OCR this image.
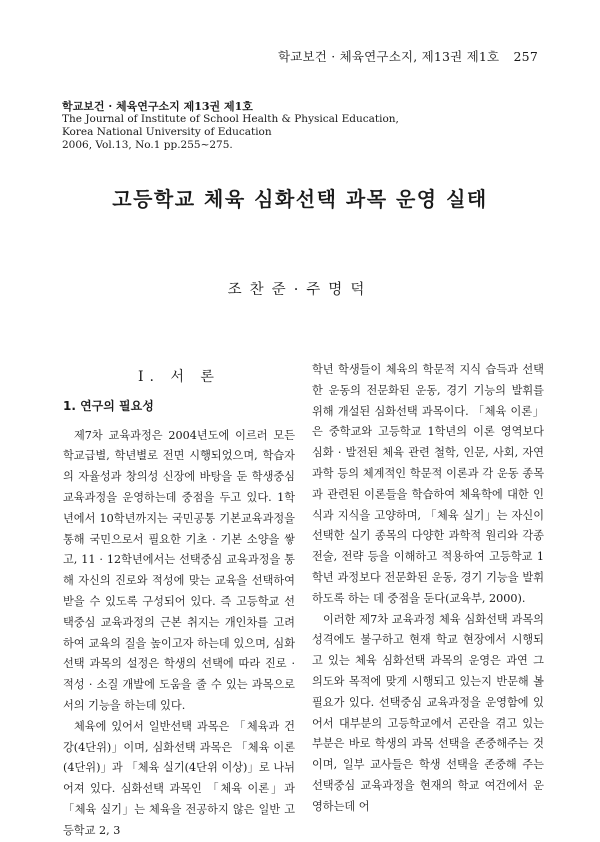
학교보건 · 체육연구소지, 제13권 제1호 257
학교보건 · 체육연구소지 제13권 제1호
The Journal of Institute of School Health & Physical Education,
Korea National University of Education
2006, Vol.13, No.1 pp.255∼275.
고등학교 체육 심화선택 과목 운영 실태
조찬준·주명덕
Ⅰ. 서 론
1. 연구의 필요성

제7차 교육과정은 2004년도에 이르러 모든 학교급별, 학년별로 전면 시행되었으며, 학습자의 자율성과 창의성 신장에 바탕을 둔 학생중심 교육과정을 운영하는데 중점을 두고 있다. 1학년에서 10학년까지는 국민공통 기본교육과정을 통해 국민으로서 필요한 기초 · 기본 소양을 쌓고, 11 · 12학년에서는 선택중심 교육과정을 통해 자신의 진로와 적성에 맞는 교육을 선택하여 받을 수 있도록 구성되어 있다. 즉 고등학교 선택중심 교육과정의 근본 취지는 개인차를 고려하여 교육의 질을 높이고자 하는데 있으며, 심화선택 과목의 설정은 학생의 선택에 따라 진로 · 적성 · 소질 개발에 도움을 줄 수 있는 과목으로서의 기능을 하는데 있다.

체육에 있어서 일반선택 과목은 「체육과 건강(4단위)」이며, 심화선택 과목은 「체육 이론(4단위)」과 「체육 실기(4단위 이상)」로 나뉘어져 있다. 심화선택 과목인 「체육 이론」과 「체육 실기」는 체육을 전공하지 않은 일반 고등학교 2, 3

학년 학생들이 체육의 학문적 지식 습득과 선택한 운동의 전문화된 운동, 경기 기능의 발휘를 위해 개설된 심화선택 과목이다. 「체육 이론」은 중학교와 고등학교 1학년의 이론 영역보다 심화 · 발전된 체육 관련 철학, 인문, 사회, 자연 과학 등의 체계적인 학문적 이론과 각 운동 종목과 관련된 이론들을 학습하여 체육학에 대한 인식과 지식을 고양하며, 「체육 실기」는 자신이 선택한 실기 종목의 다양한 과학적 원리와 각종 전술, 전략 등을 이해하고 적용하여 고등학교 1학년 과정보다 전문화된 운동, 경기 기능을 발휘하도록 하는 데 중점을 둔다(교육부, 2000).

이러한 제7차 교육과정 체육 심화선택 과목의 성격에도 불구하고 현재 학교 현장에서 시행되고 있는 체육 심화선택 과목의 운영은 과연 그 의도와 목적에 맞게 시행되고 있는지 반문해 볼 필요가 있다. 선택중심 교육과정을 운영함에 있어서 대부분의 고등학교에서 곤란을 겪고 있는 부분은 바로 학생의 과목 선택을 존중해주는 것이며, 일부 교사들은 학생 선택을 존중해 주는 선택중심 교육과정을 현재의 학교 여건에서 운영하는데 어
